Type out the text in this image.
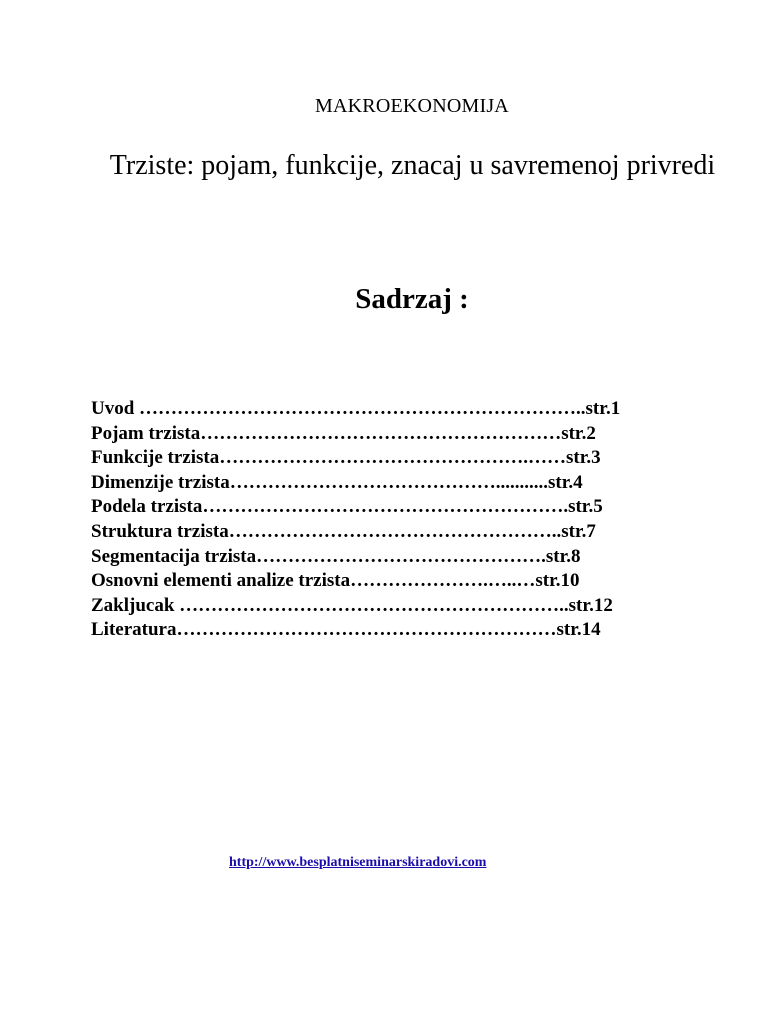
MAKROEKONOMIJA
Trziste: pojam, funkcije, znacaj u savremenoj privredi
Sadrzaj :
Uvod ……………………………………………………………..str.1
Pojam trzista…………………………………………………str.2
Funkcije trzista………………………………………….……str.3
Dimenzije trzista……………………………………...........str.4
Podela trzista………………………………………………….str.5
Struktura trzista……………………………………………..str.7
Segmentacija trzista……………………………………….str.8
Osnovni elementi analize trzista………………….…..…str.10
Zakljucak ……………………………………………………..str.12
Literatura……………………………………………………str.14
http://www.besplatniseminarskiradovi.com
